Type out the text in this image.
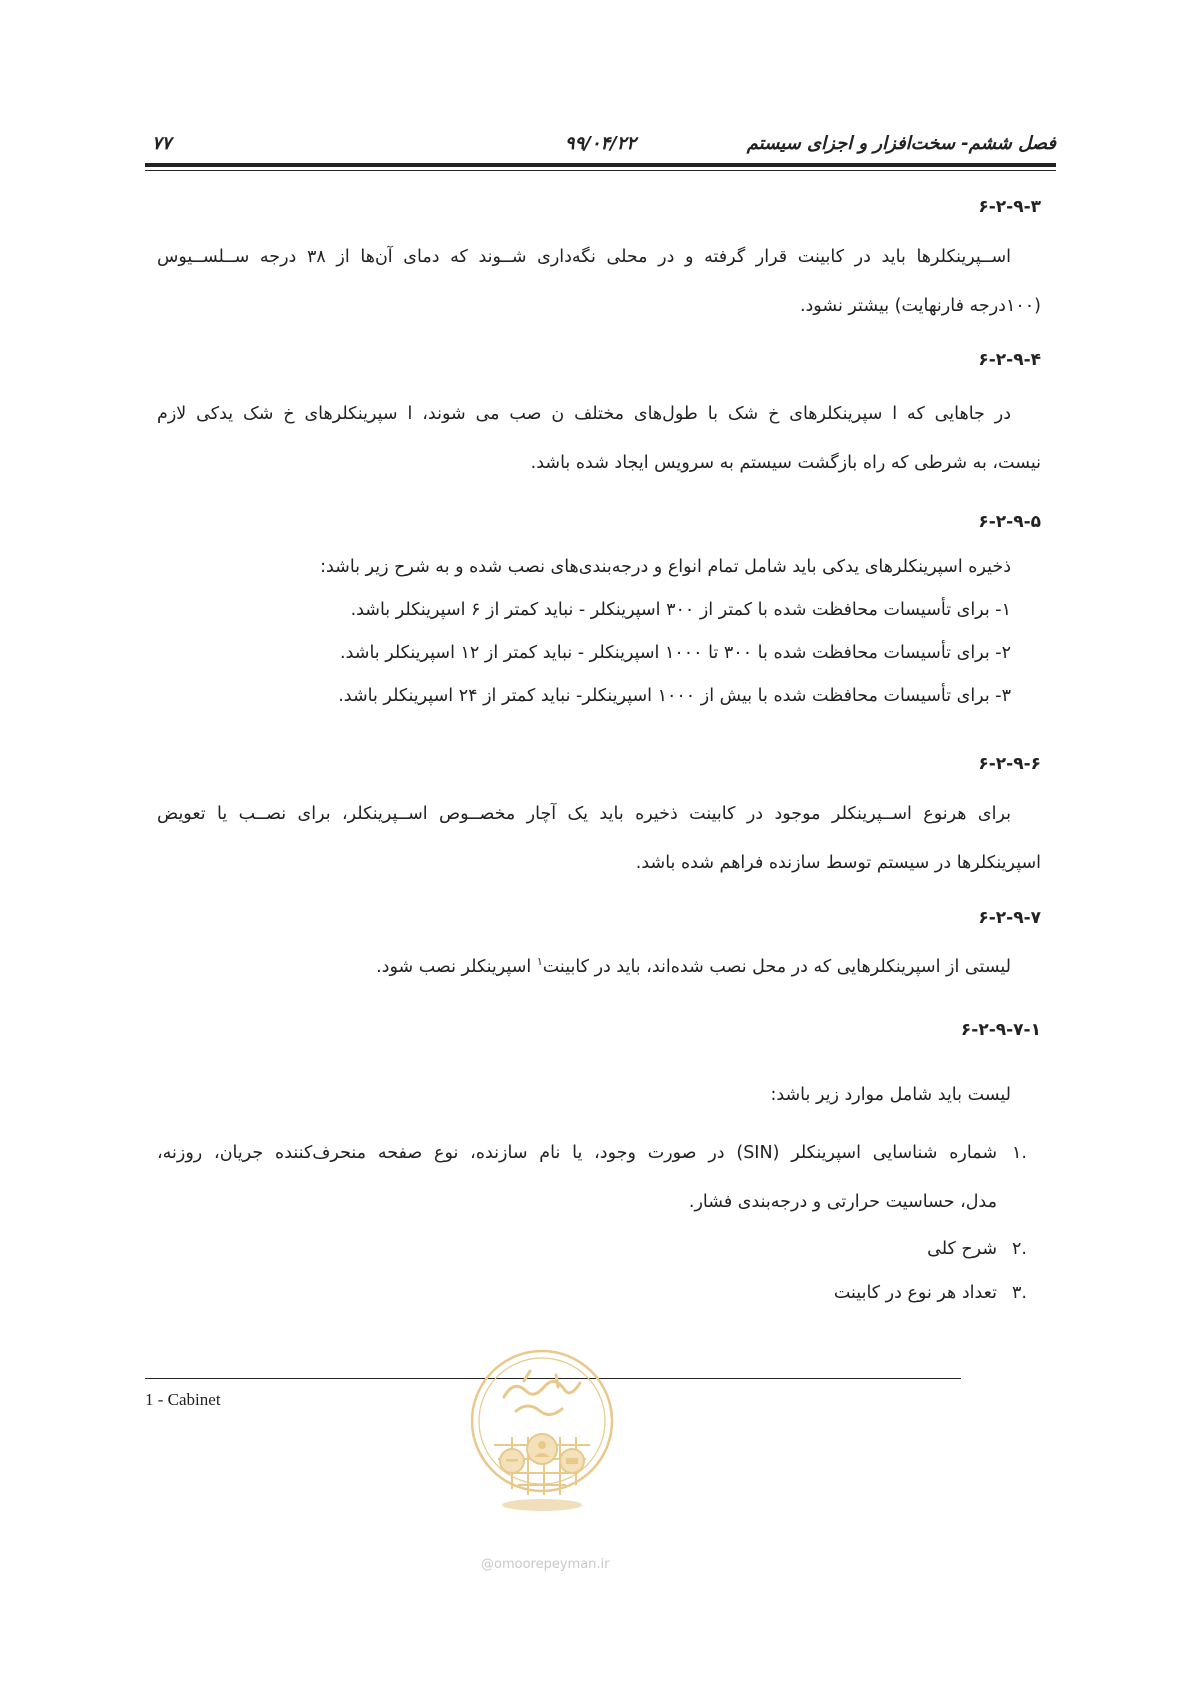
فصل ششم- سخت‌افزار و اجزای سیستم
۹۹/۰۴/۲۲
۷۷
۶-۲-۹-۳
اســپرینکلرها باید در کابینت قرار گرفته و در محلی نگه‌داری شــوند که دمای آن‌ها از ۳۸ درجه ســلســیوس
(۱۰۰درجه فارنهایت) بیشتر نشود.
۶-۲-۹-۴
در جاهایی که ا سپرینکلرهای خ شک با طول‌های مختلف ن صب می شوند، ا سپرینکلرهای خ شک یدکی لازم
نیست، به شرطی که راه بازگشت سیستم به سرویس ایجاد شده باشد.
۶-۲-۹-۵
ذخیره اسپرینکلرهای یدکی باید شامل تمام انواع و درجه‌بندی‌های نصب شده و به شرح زیر باشد:
۱- برای تأسیسات محافظت شده با کمتر از ۳۰۰ اسپرینکلر - نباید کمتر از ۶ اسپرینکلر باشد.
۲- برای تأسیسات محافظت شده با ۳۰۰ تا ۱۰۰۰ اسپرینکلر - نباید کمتر از ۱۲ اسپرینکلر باشد.
۳- برای تأسیسات محافظت شده با بیش از ۱۰۰۰ اسپرینکلر- نباید کمتر از ۲۴ اسپرینکلر باشد.
۶-۲-۹-۶
برای هرنوع اســپرینکلر موجود در کابینت ذخیره باید یک آچار مخصــوص اســپرینکلر، برای نصــب یا تعویض
اسپرینکلرها در سیستم توسط سازنده فراهم شده باشد.
۶-۲-۹-۷
لیستی از اسپرینکلرهایی که در محل نصب شده‌اند، باید در کابینت$^۱$ اسپرینکلر نصب شود.
۶-۲-۹-۷-۱
لیست باید شامل موارد زیر باشد:
.۱
شماره شناسایی اسپرینکلر (SIN) در صورت وجود، یا نام سازنده، نوع صفحه منحرف‌کننده جریان، روزنه،
مدل، حساسیت حرارتی و درجه‌بندی فشار.
.۲
شرح کلی
.۳
تعداد هر نوع در کابینت
1 - Cabinet
@omoorepeyman.ir
